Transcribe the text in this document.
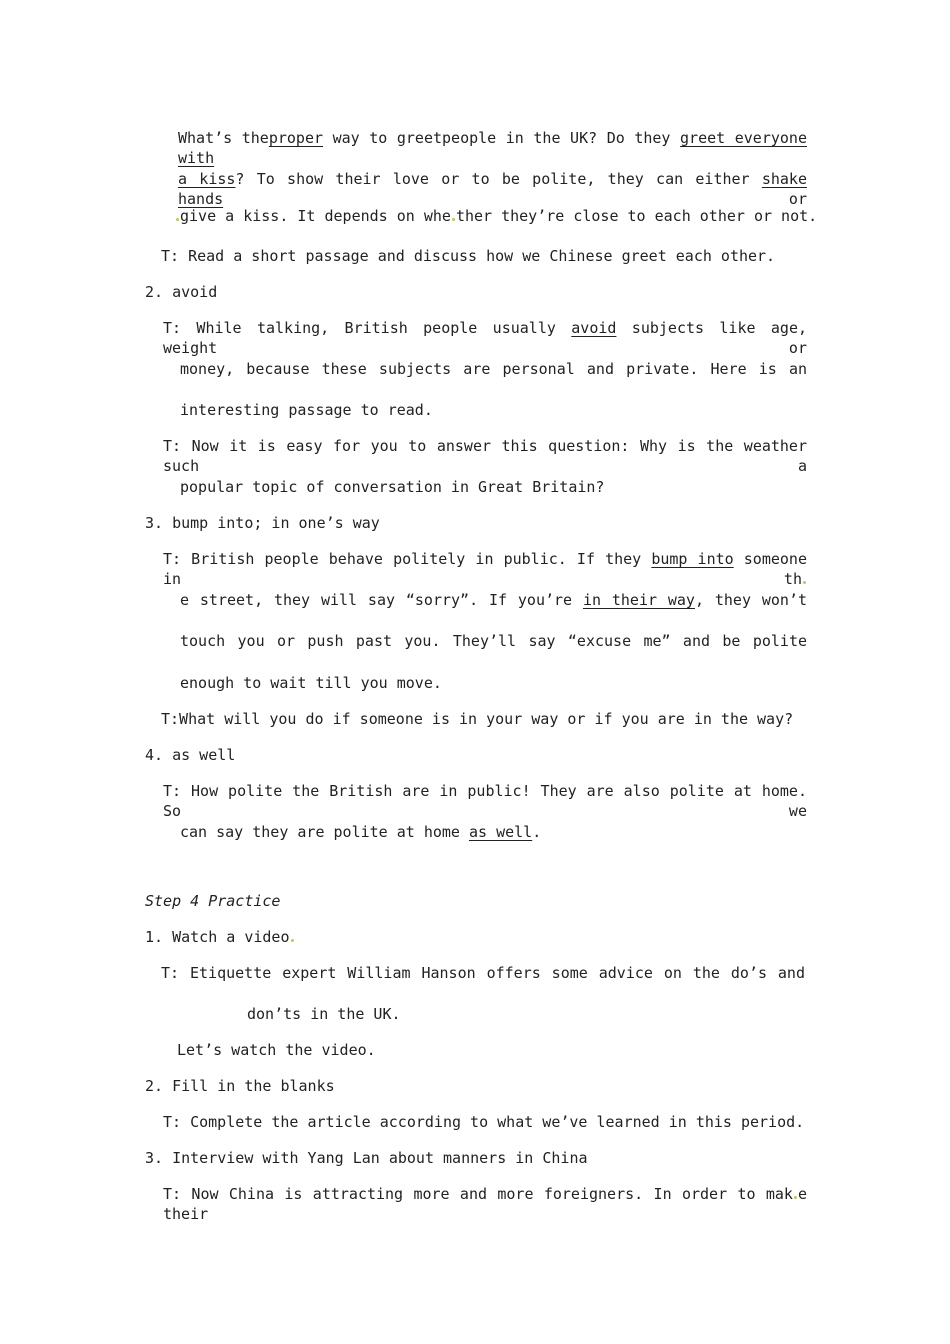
What’s theproper way to greetpeople in the UK? Do they greet everyone with
a kiss? To show their love or to be polite, they can either shake hands or
give a kiss. It depends on whe ther they’re close to each other or not.
T: Read a short passage and discuss how we Chinese greet each other.
2. avoid
T: While talking, British people usually avoid subjects like age, weight or
money, because these subjects are personal and private. Here is an
interesting passage to read.
T: Now it is easy for you to answer this question: Why is the weather such a
popular topic of conversation in Great Britain?
3. bump into; in one’s way
T: British people behave politely in public. If they bump into someone in th
e street, they will say “sorry”. If you’re in their way, they won’t
touch you or push past you. They’ll say “excuse me” and be polite
enough to wait till you move.
T:What will you do if someone is in your way or if you are in the way?
4. as well
T: How polite the British are in public! They are also polite at home. So we
can say they are polite at home as well.
Step 4 Practice
1. Watch a video
T: Etiquette expert William Hanson offers some advice on the do’s and
don’ts in the UK.
Let’s watch the video.
2. Fill in the blanks
T: Complete the article according to what we’ve learned in this period.
3. Interview with Yang Lan about manners in China
T: Now China is attracting more and more foreigners. In order to mak e their
